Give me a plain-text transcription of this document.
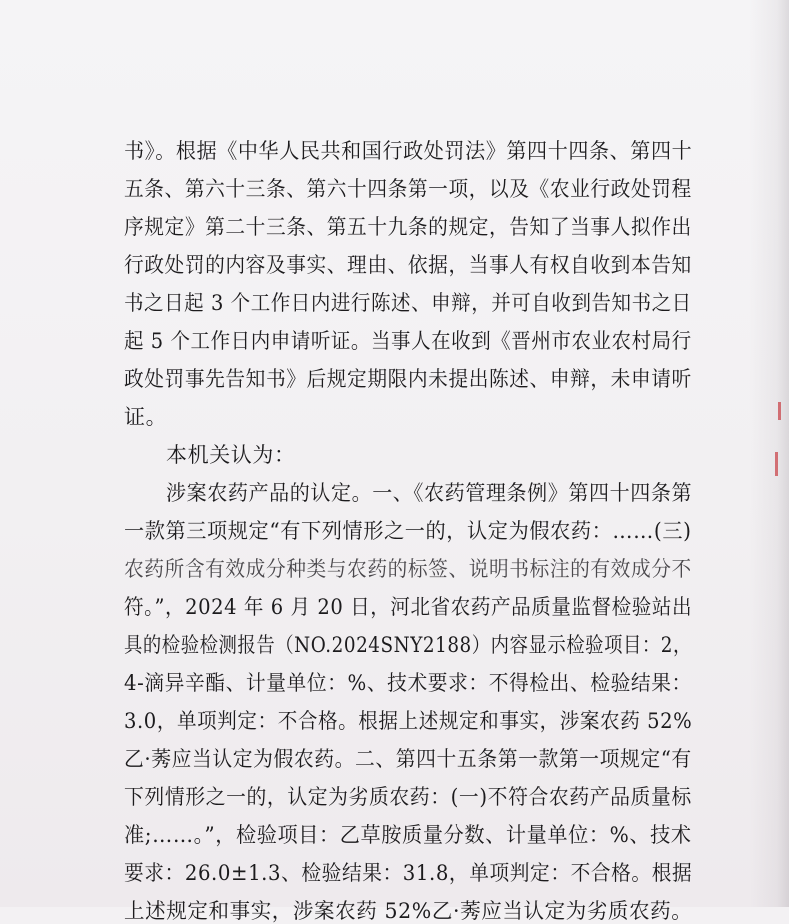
书》。根据《中华人民共和国行政处罚法》第四十四条、第四十
五条、第六十三条、第六十四条第一项，以及《农业行政处罚程
序规定》第二十三条、第五十九条的规定，告知了当事人拟作出
行政处罚的内容及事实、理由、依据，当事人有权自收到本告知
书之日起 3 个工作日内进行陈述、申辩，并可自收到告知书之日
起 5 个工作日内申请听证。当事人在收到《晋州市农业农村局行
政处罚事先告知书》后规定期限内未提出陈述、申辩，未申请听
证。
本机关认为：
涉案农药产品的认定。一、《农药管理条例》第四十四条第
一款第三项规定“有下列情形之一的，认定为假农药：……(三)
农药所含有效成分种类与农药的标签、说明书标注的有效成分不
符。”，2024 年 6 月 20 日，河北省农药产品质量监督检验站出
具的检验检测报告（NO.2024SNY2188）内容显示检验项目：2，
4-滴异辛酯、计量单位：%、技术要求：不得检出、检验结果：
3.0，单项判定：不合格。根据上述规定和事实，涉案农药 52%
乙·莠应当认定为假农药。二、第四十五条第一款第一项规定“有
下列情形之一的，认定为劣质农药：(一)不符合农药产品质量标
准;……。”，检验项目：乙草胺质量分数、计量单位：%、技术
要求：26.0±1.3、检验结果：31.8，单项判定：不合格。根据
上述规定和事实，涉案农药 52%乙·莠应当认定为劣质农药。
